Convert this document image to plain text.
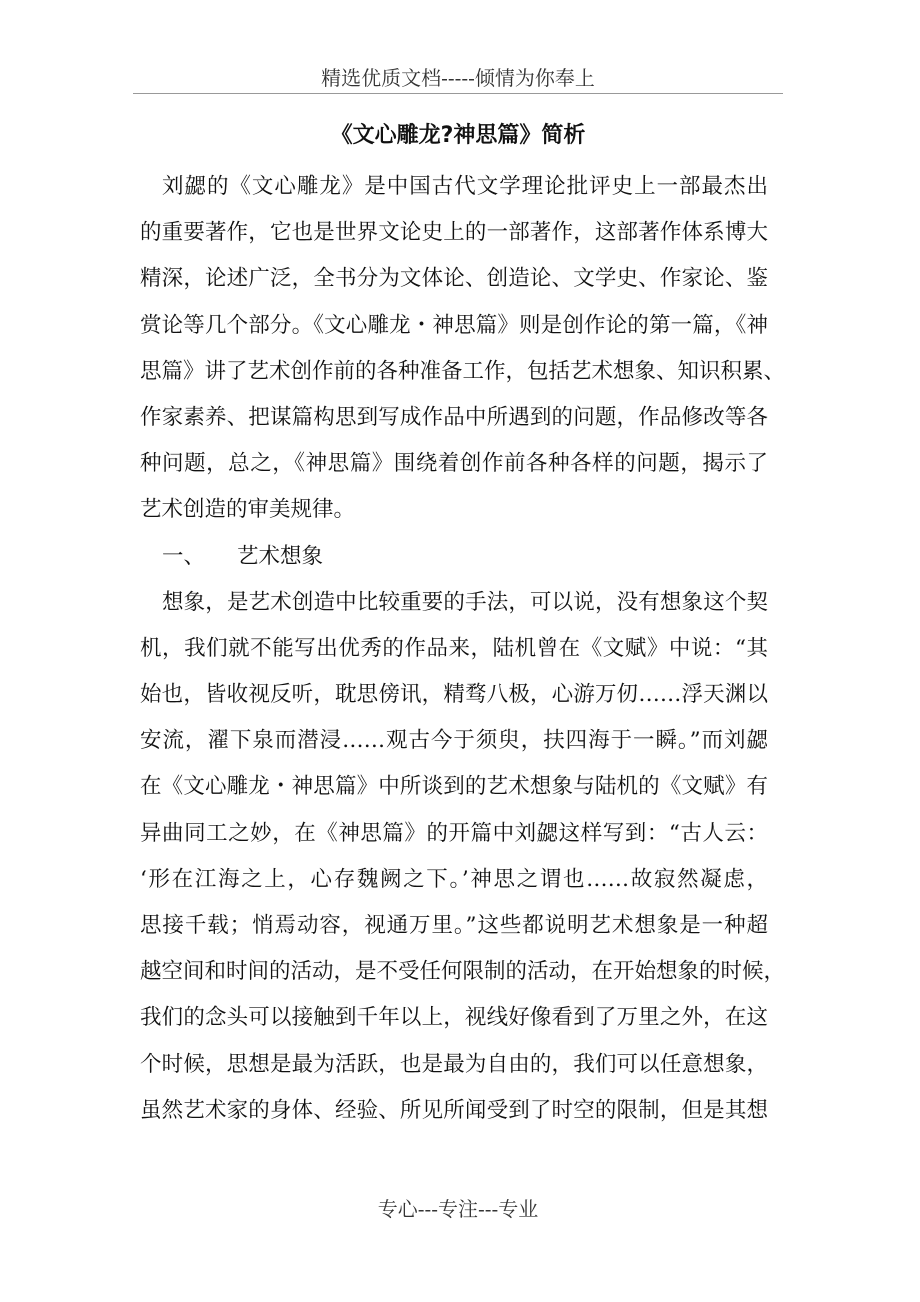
精选优质文档-----倾情为你奉上
《文心雕龙?神思篇》简析
刘勰的《文心雕龙》是中国古代文学理论批评史上一部最杰出
的重要著作，它也是世界文论史上的一部著作，这部著作体系博大
精深，论述广泛，全书分为文体论、创造论、文学史、作家论、鉴
赏论等几个部分。《文心雕龙・神思篇》则是创作论的第一篇，《神
思篇》讲了艺术创作前的各种准备工作，包括艺术想象、知识积累、
作家素养、把谋篇构思到写成作品中所遇到的问题，作品修改等各
种问题，总之，《神思篇》围绕着创作前各种各样的问题，揭示了
艺术创造的审美规律。
一、 艺术想象
想象，是艺术创造中比较重要的手法，可以说，没有想象这个契
机，我们就不能写出优秀的作品来，陆机曾在《文赋》中说：“其
始也，皆收视反听，耽思傍讯，精骛八极，心游万仞……浮天渊以
安流，濯下泉而潜浸……观古今于须臾，扶四海于一瞬。”而刘勰
在《文心雕龙・神思篇》中所谈到的艺术想象与陆机的《文赋》有
异曲同工之妙，在《神思篇》的开篇中刘勰这样写到：“古人云：
‘形在江海之上，心存魏阙之下。’神思之谓也……故寂然凝虑，
思接千载；悄焉动容，视通万里。”这些都说明艺术想象是一种超
越空间和时间的活动，是不受任何限制的活动，在开始想象的时候，
我们的念头可以接触到千年以上，视线好像看到了万里之外，在这
个时候，思想是最为活跃，也是最为自由的，我们可以任意想象，
虽然艺术家的身体、经验、所见所闻受到了时空的限制，但是其想
专心---专注---专业
